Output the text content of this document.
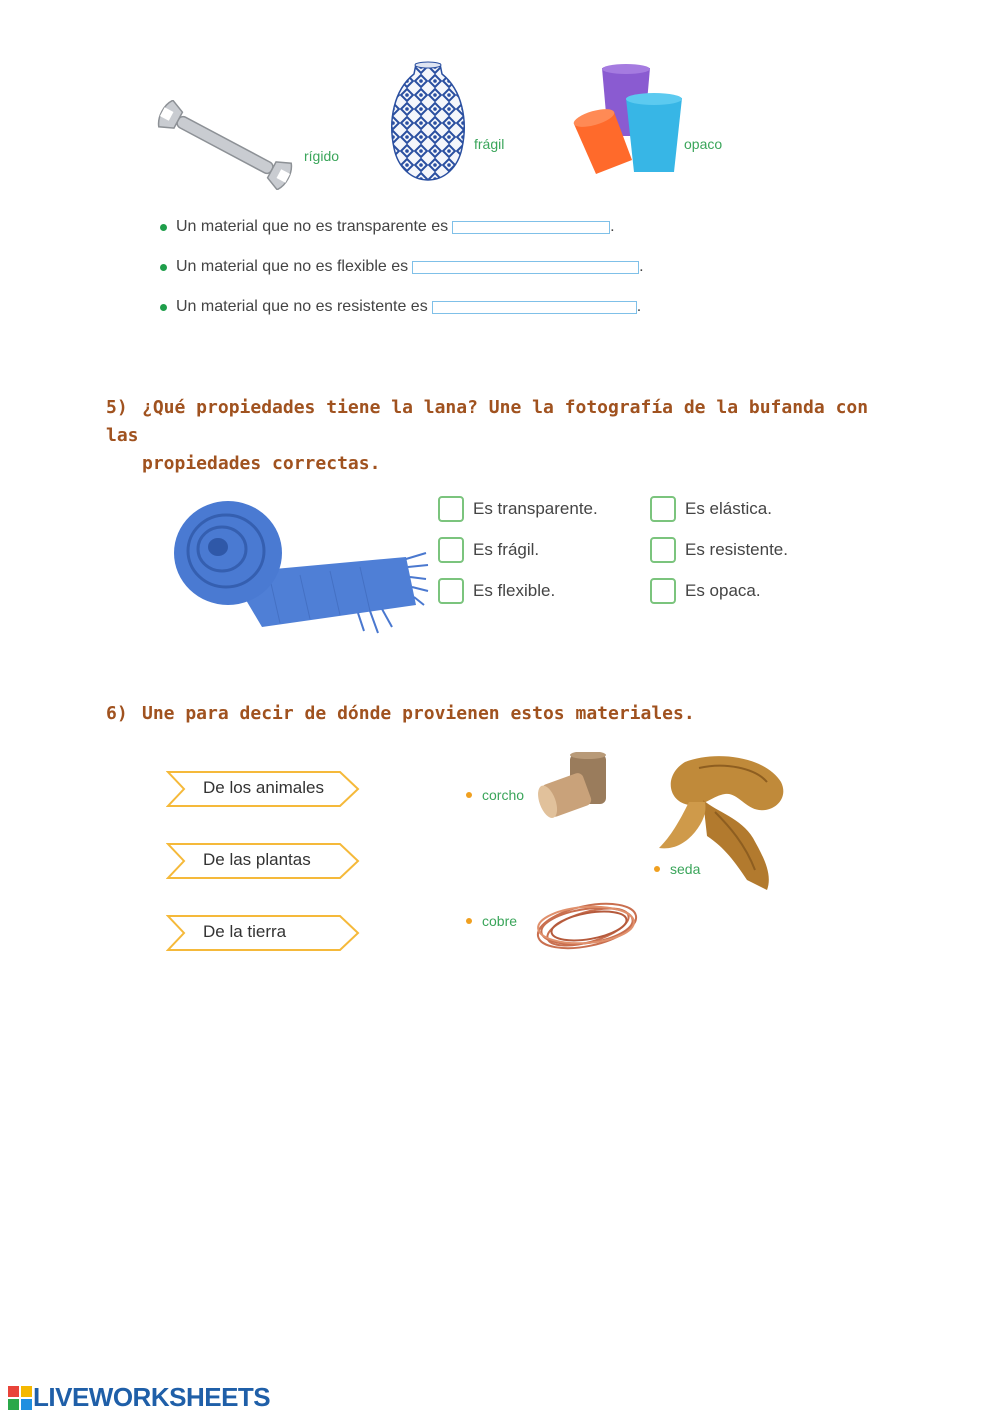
rígido
frágil	opaco
Un material que no es transparente es	.
Un material que no es flexible es	.
Un material que no es resistente es	.
5) ¿Qué propiedades tiene la lana? Une la fotografía de la bufanda con las
propiedades correctas.
Es transparente.
Es frágil.
Es flexible.
Es elástica.
Es resistente.
Es opaca.
6) Une para decir de dónde provienen estos materiales.
De los animales
De las plantas
De la tierra
corcho
seda
cobre
LIVEWORKSHEETS
